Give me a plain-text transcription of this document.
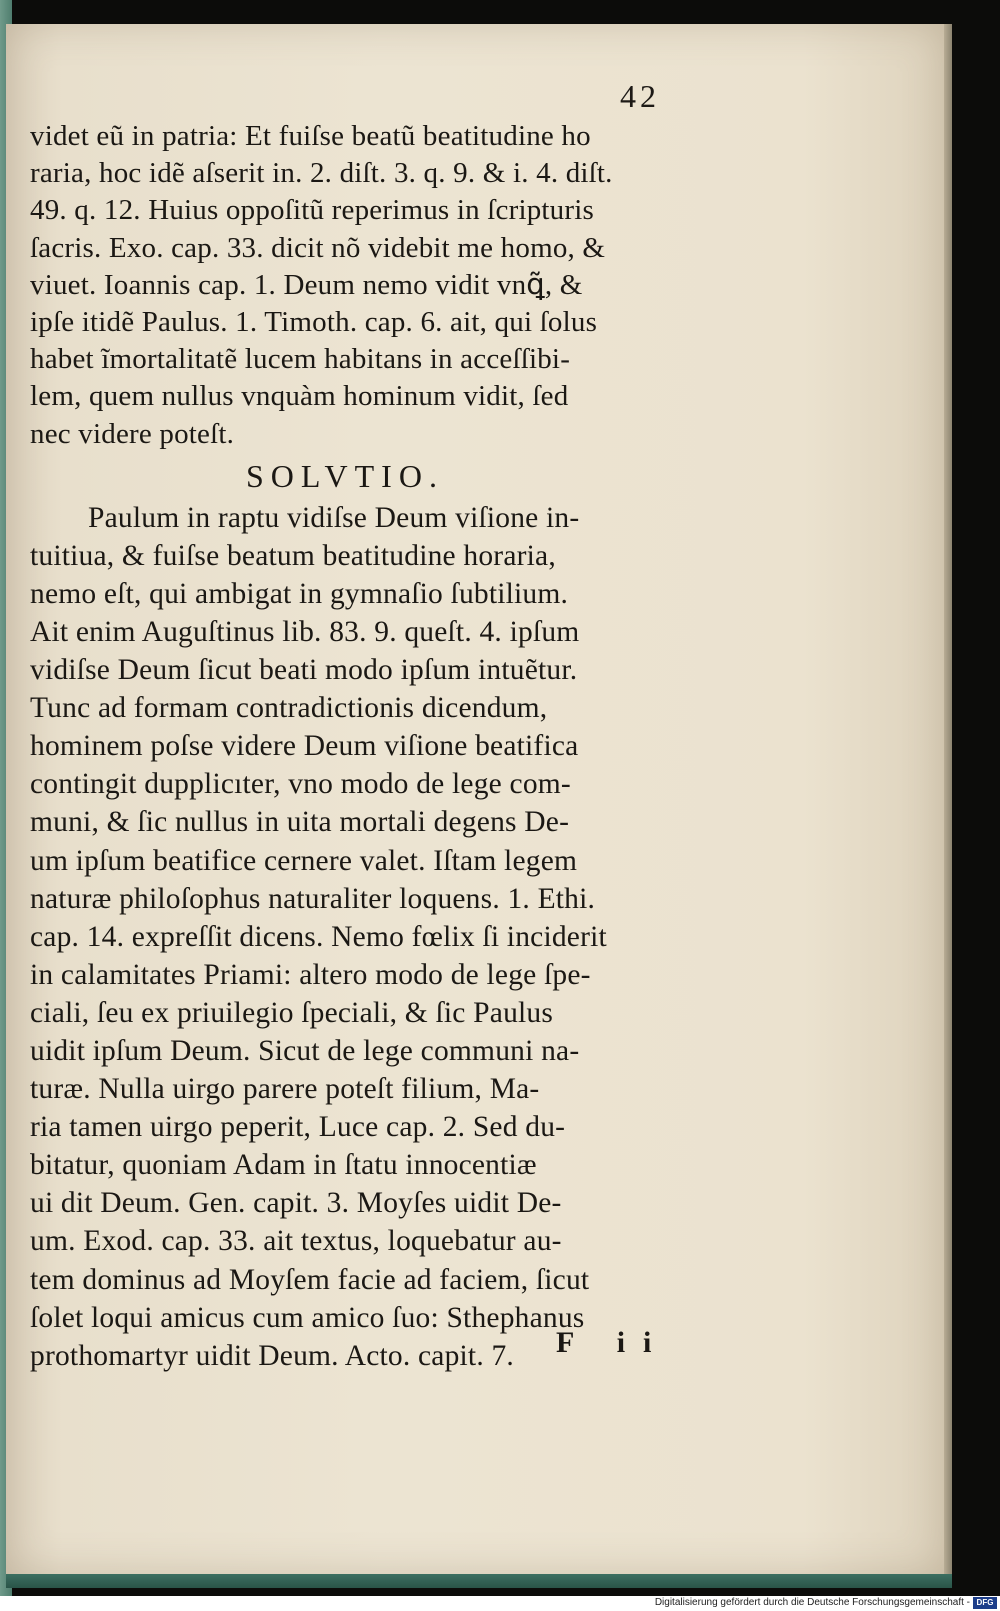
42
videt eũ in patria: Et fuiſse beatũ beatitudine ho
raria, hoc idẽ aſserit in. 2. diſt. 3. q. 9. & i. 4. diſt.
49. q. 12. Huius oppoſitũ reperimus in ſcripturis
ſacris. Exo. cap. 33. dicit nõ videbit me homo, &
viuet. Ioannis cap. 1. Deum nemo vidit vnꝗ̃, &
ipſe itidẽ Paulus. 1. Timoth. cap. 6. ait, qui ſolus
habet ĩmortalitatẽ lucem habitans in acceſſibi-
lem, quem nullus vnquàm hominum vidit, ſed
nec videre poteſt.
SOLVTIO.
Paulum in raptu vidiſse Deum viſione in-
tuitiua, & fuiſse beatum beatitudine horaria,
nemo eſt, qui ambigat in gymnaſio ſubtilium.
Ait enim Auguſtinus lib. 83. 9. queſt. 4. ipſum
vidiſse Deum ſicut beati modo ipſum intuẽtur.
Tunc ad formam contradictionis dicendum,
hominem poſse videre Deum viſione beatifica
contingit dupplicıter, vno modo de lege com-
muni, & ſic nullus in uita mortali degens De-
um ipſum beatifice cernere valet. Iſtam legem
naturæ philoſophus naturaliter loquens. 1. Ethi.
cap. 14. expreſſit dicens. Nemo fœlix ſi inciderit
in calamitates Priami: altero modo de lege ſpe-
ciali, ſeu ex priuilegio ſpeciali, & ſic Paulus
uidit ipſum Deum. Sicut de lege communi na-
turæ. Nulla uirgo parere poteſt filium, Ma-
ria tamen uirgo peperit, Luce cap. 2. Sed du-
bitatur, quoniam Adam in ſtatu innocentiæ
ui dit Deum. Gen. capit. 3. Moyſes uidit De-
um. Exod. cap. 33. ait textus, loquebatur au-
tem dominus ad Moyſem facie ad faciem, ſicut
ſolet loqui amicus cum amico ſuo: Sthephanus
prothomartyr uidit Deum. Acto. capit. 7.	F ii
Digitalisierung gefördert durch die Deutsche Forschungsgemeinschaft - DFG
